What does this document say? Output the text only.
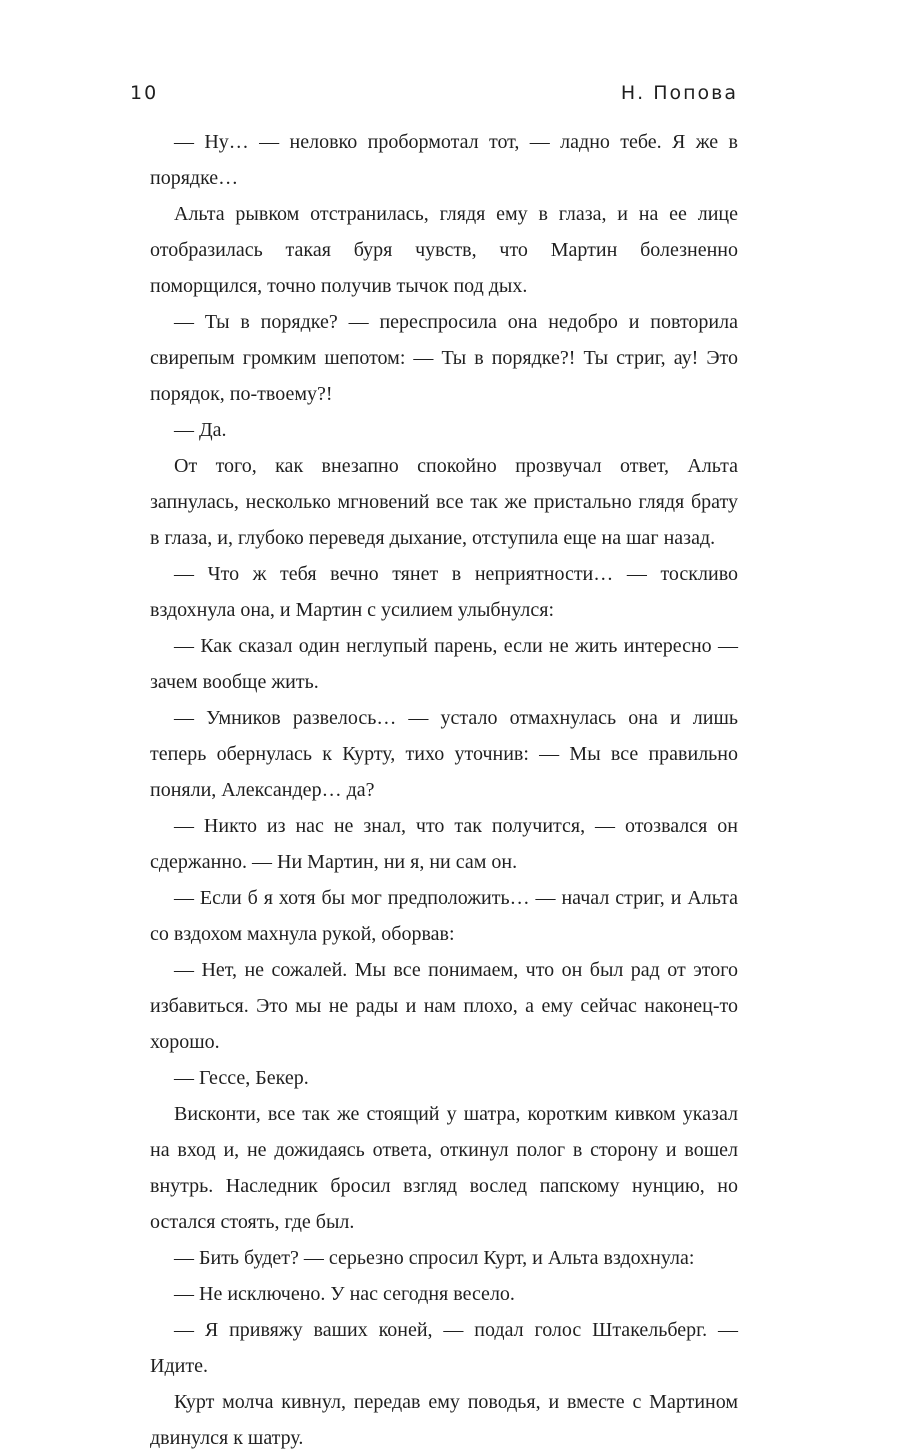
10	Н. Попова

— Ну… — неловко пробормотал тот, — ладно тебе. Я же в порядке…

Альта рывком отстранилась, глядя ему в глаза, и на ее лице отобразилась такая буря чувств, что Мартин болезненно поморщился, точно получив тычок под дых.

— Ты в порядке? — переспросила она недобро и повторила свирепым громким шепотом: — Ты в порядке?! Ты стриг, ау! Это порядок, по-твоему?!

— Да.

От того, как внезапно спокойно прозвучал ответ, Альта запнулась, несколько мгновений все так же пристально глядя брату в глаза, и, глубоко переведя дыхание, отступила еще на шаг назад.

— Что ж тебя вечно тянет в неприятности… — тоскливо вздохнула она, и Мартин с усилием улыбнулся:

— Как сказал один неглупый парень, если не жить интересно — зачем вообще жить.

— Умников развелось… — устало отмахнулась она и лишь теперь обернулась к Курту, тихо уточнив: — Мы все правильно поняли, Александер… да?

— Никто из нас не знал, что так получится, — отозвался он сдержанно. — Ни Мартин, ни я, ни сам он.

— Если б я хотя бы мог предположить… — начал стриг, и Альта со вздохом махнула рукой, оборвав:

— Нет, не сожалей. Мы все понимаем, что он был рад от этого избавиться. Это мы не рады и нам плохо, а ему сейчас наконец-то хорошо.

— Гессе, Бекер.

Висконти, все так же стоящий у шатра, коротким кивком указал на вход и, не дожидаясь ответа, откинул полог в сторону и вошел внутрь. Наследник бросил взгляд вослед папскому нунцию, но остался стоять, где был.

— Бить будет? — серьезно спросил Курт, и Альта вздохнула:

— Не исключено. У нас сегодня весело.

— Я привяжу ваших коней, — подал голос Штакельберг. — Идите.

Курт молча кивнул, передав ему поводья, и вместе с Мартином двинулся к шатру.
